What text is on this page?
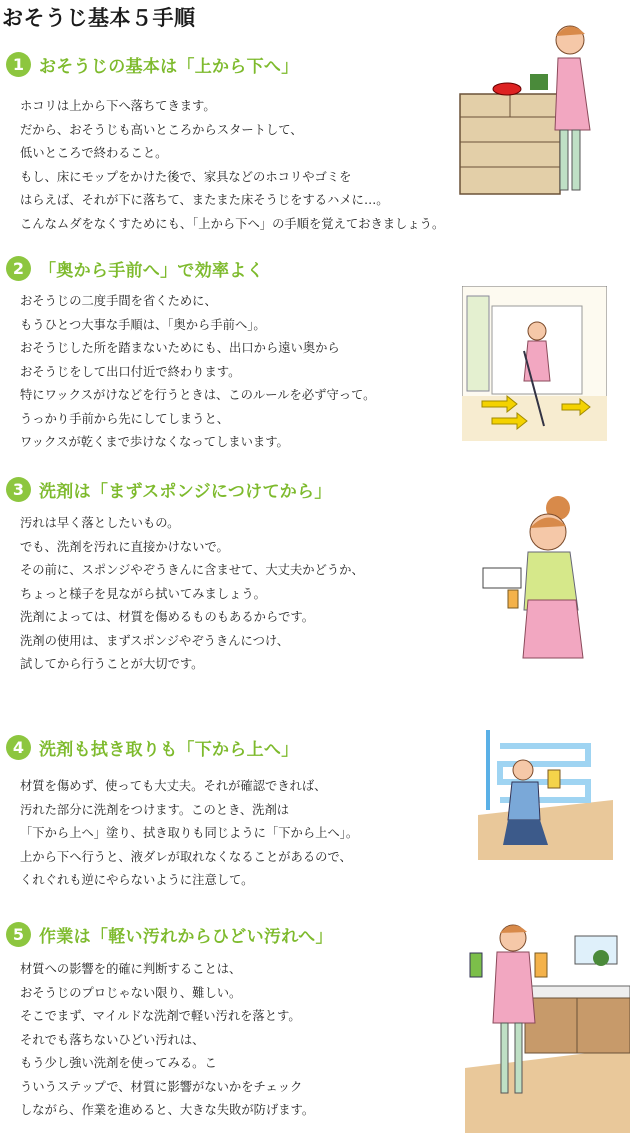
おそうじ基本５手順
1 おそうじの基本は「上から下へ」
ホコリは上から下へ落ちてきます。
だから、おそうじも高いところからスタートして、
低いところで終わること。
もし、床にモップをかけた後で、家具などのホコリやゴミを
はらえば、それが下に落ちて、またまた床そうじをするハメに…。
こんなムダをなくすためにも、「上から下へ」の手順を覚えておきましょう。
2 「奥から手前へ」で効率よく
おそうじの二度手間を省くために、
もうひとつ大事な手順は、「奥から手前へ」。
おそうじした所を踏まないためにも、出口から遠い奥から
おそうじをして出口付近で終わります。
特にワックスがけなどを行うときは、このルールを必ず守って。
うっかり手前から先にしてしまうと、
ワックスが乾くまで歩けなくなってしまいます。
3 洗剤は「まずスポンジにつけてから」
汚れは早く落としたいもの。
でも、洗剤を汚れに直接かけないで。
その前に、スポンジやぞうきんに含ませて、大丈夫かどうか、
ちょっと様子を見ながら拭いてみましょう。
洗剤によっては、材質を傷めるものもあるからです。
洗剤の使用は、まずスポンジやぞうきんにつけ、
試してから行うことが大切です。
4 洗剤も拭き取りも「下から上へ」
材質を傷めず、使っても大丈夫。それが確認できれば、
汚れた部分に洗剤をつけます。このとき、洗剤は
「下から上へ」塗り、拭き取りも同じように「下から上へ」。
上から下へ行うと、液ダレが取れなくなることがあるので、
くれぐれも逆にやらないように注意して。
5 作業は「軽い汚れからひどい汚れへ」
材質への影響を的確に判断することは、
おそうじのプロじゃない限り、難しい。
そこでまず、マイルドな洗剤で軽い汚れを落とす。
それでも落ちないひどい汚れは、
もう少し強い洗剤を使ってみる。こ
ういうステップで、材質に影響がないかをチェック
しながら、作業を進めると、大きな失敗が防げます。
